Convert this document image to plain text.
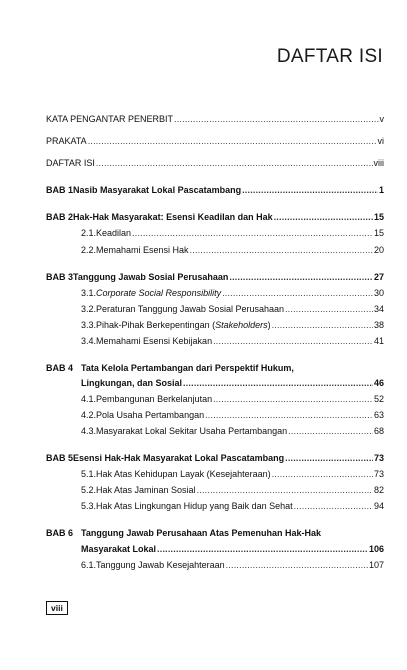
DAFTAR ISI
KATA PENGANTAR PENERBIT .....	v
PRAKATA .....	vi
DAFTAR ISI .....	viii
BAB 1 Nasib Masyarakat Lokal Pascatambang .....	1
BAB 2 Hak-Hak Masyarakat: Esensi Keadilan dan Hak .....	15
2.1. Keadilan .....	15
2.2. Memahami Esensi Hak .....	20
BAB 3 Tanggung Jawab Sosial Perusahaan .....	27
3.1. Corporate Social Responsibility .....	30
3.2. Peraturan Tanggung Jawab Sosial Perusahaan .....	34
3.3. Pihak-Pihak Berkepentingan (Stakeholders) .....	38
3.4. Memahami Esensi Kebijakan .....	41
BAB 4 Tata Kelola Pertambangan dari Perspektif Hukum,
Lingkungan, dan Sosial .....	46
4.1. Pembangunan Berkelanjutan .....	52
4.2. Pola Usaha Pertambangan .....	63
4.3. Masyarakat Lokal Sekitar Usaha Pertambangan .....	68
BAB 5 Esensi Hak-Hak Masyarakat Lokal Pascatambang .....	73
5.1. Hak Atas Kehidupan Layak (Kesejahteraan) .....	73
5.2. Hak Atas Jaminan Sosial .....	82
5.3. Hak Atas Lingkungan Hidup yang Baik dan Sehat .....	94
BAB 6 Tanggung Jawab Perusahaan Atas Pemenuhan Hak-Hak
Masyarakat Lokal .....	106
6.1. Tanggung Jawab Kesejahteraan .....	107
viii
